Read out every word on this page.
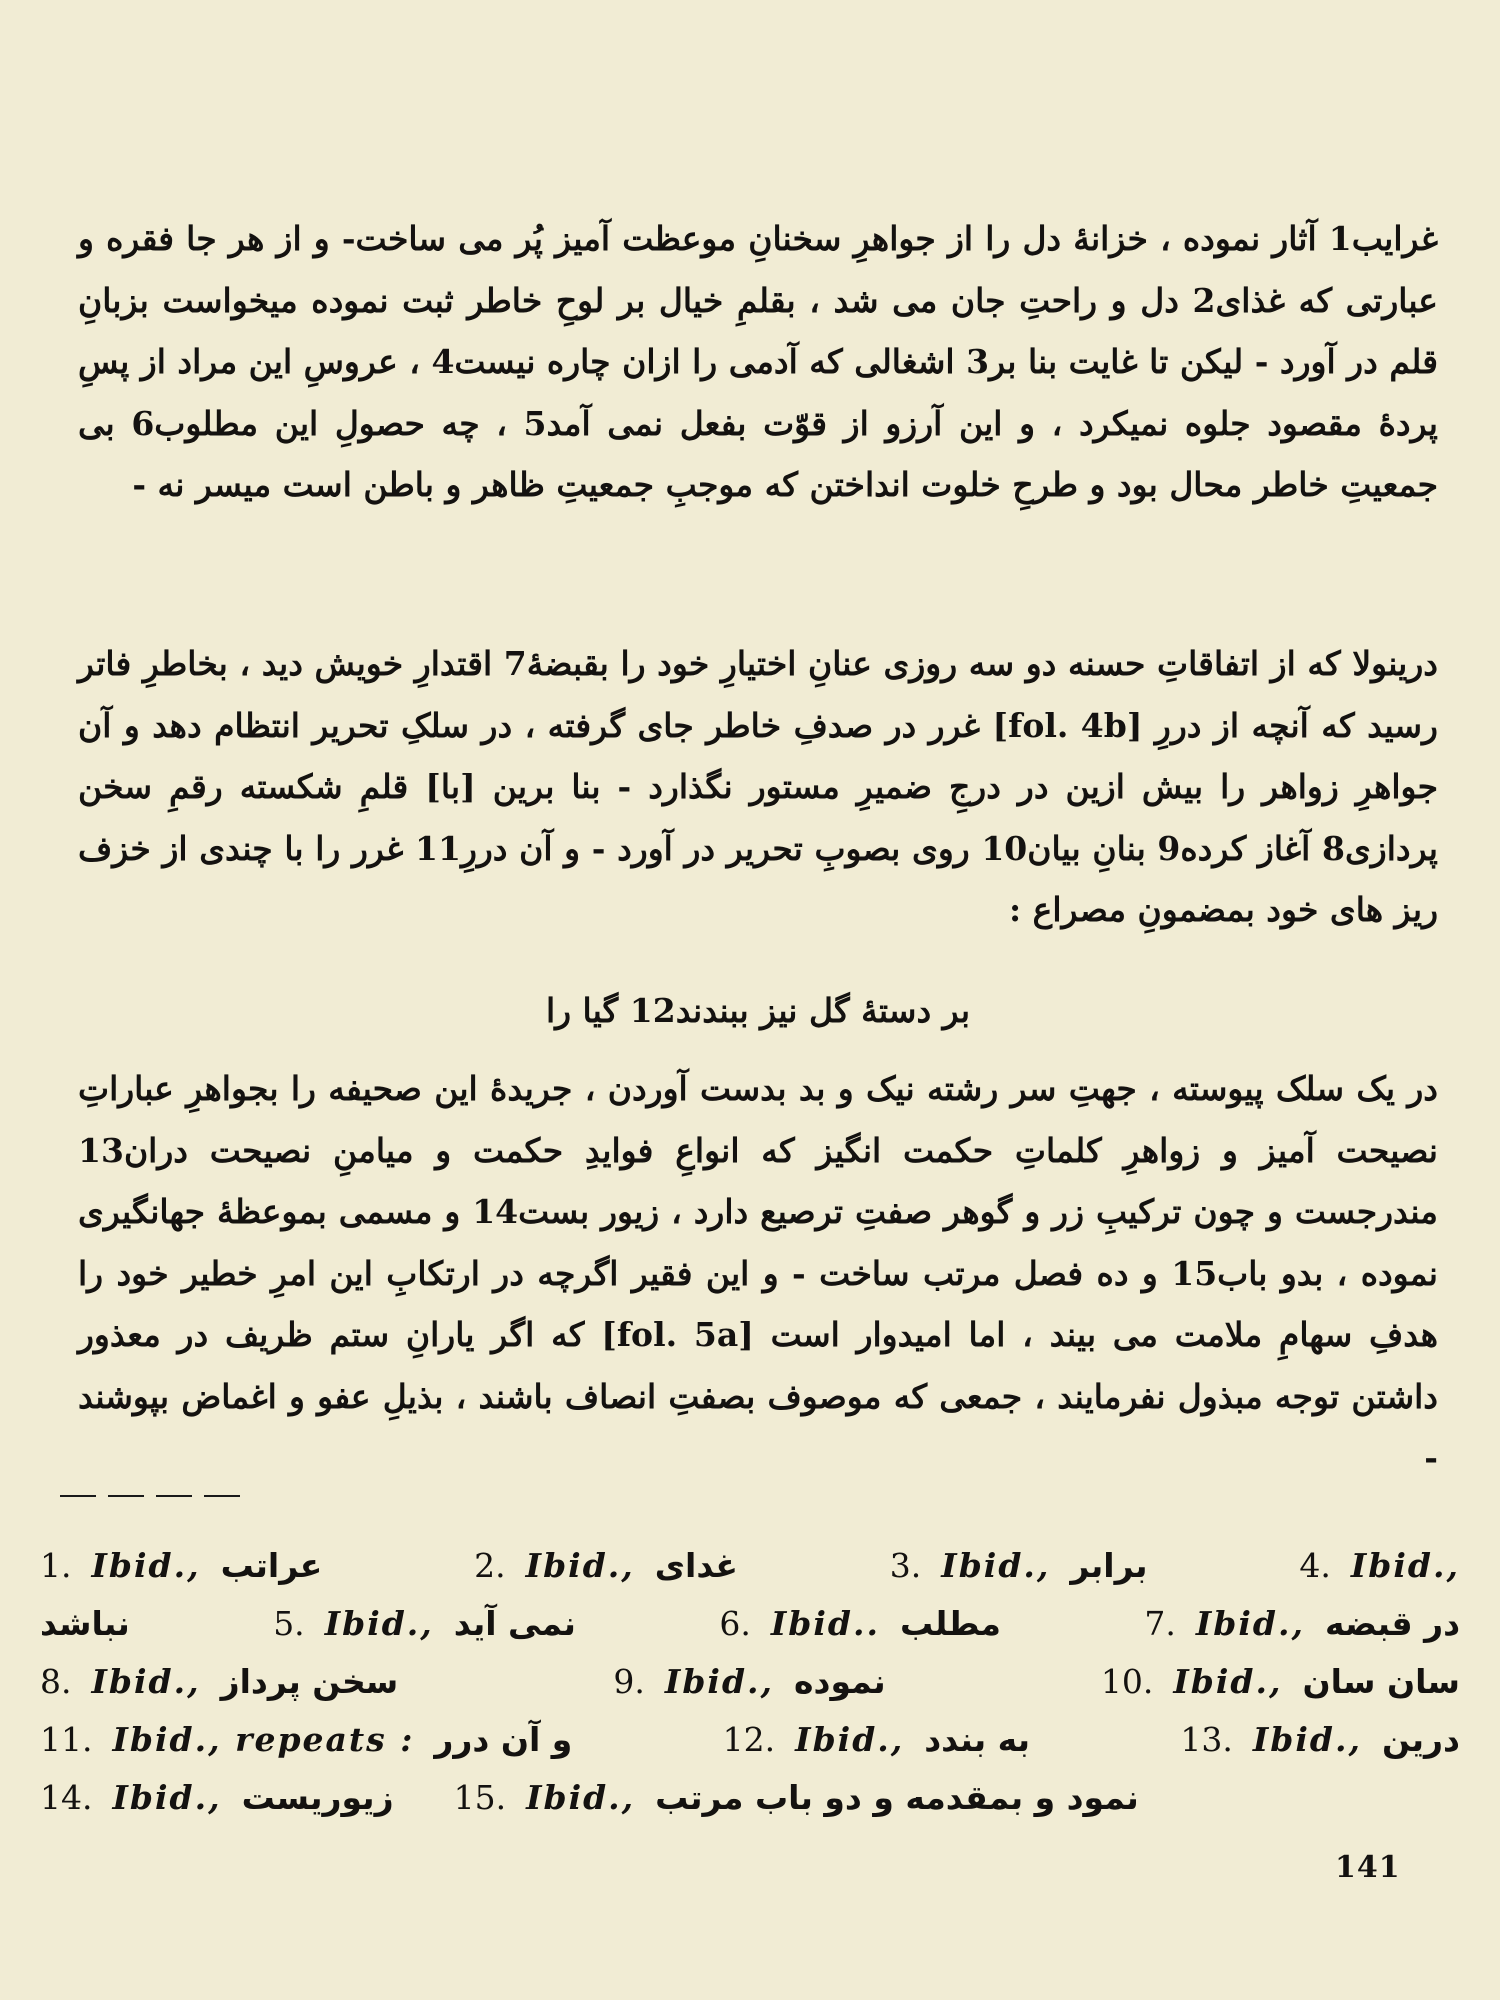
غرایب1 آثار نموده ، خزانهٔ دل را از جواهرِ سخنانِ موعظت آمیز پُر می ساخت- و از هر جا فقره و عبارتی که غذای2 دل و راحتِ جان می شد ، بقلمِ خیال بر لوحِ خاطر ثبت نموده میخواست بزبانِ قلم در آورد - لیکن تا غایت بنا بر3 اشغالی که آدمی را ازان چاره نیست4 ، عروسِ این مراد از پسِ پردهٔ مقصود جلوه نمیکرد ، و این آرزو از قوّت بفعل نمی آمد5 ، چه حصولِ این مطلوب6 بی جمعیتِ خاطر محال بود و طرحِ خلوت انداختن که موجبِ جمعیتِ ظاهر و باطن است میسر نه -

درینولا که از اتفاقاتِ حسنه دو سه روزی عنانِ اختیارِ خود را بقبضهٔ7 اقتدارِ خویش دید ، بخاطرِ فاتر رسید که آنچه از دررِ [fol. 4b] غرر در صدفِ خاطر جای گرفته ، در سلکِ تحریر انتظام دهد و آن جواهرِ زواهر را بیش ازین در درجِ ضمیرِ مستور نگذارد - بنا برین [با] قلمِ شکسته رقمِ سخن پردازی8 آغاز کرده9 بنانِ بیان10 روی بصوبِ تحریر در آورد - و آن دررِ11 غرر را با چندی از خزف ریز های خود بمضمونِ مصراع :

بر دستهٔ گل نیز ببندند12 گیا را

در یک سلک پیوسته ، جهتِ سر رشته نیک و بد بدست آوردن ، جریدهٔ این صحیفه را بجواهرِ عباراتِ نصیحت آمیز و زواهرِ کلماتِ حکمت انگیز که انواعِ فوایدِ حکمت و میامنِ نصیحت دران13 مندرجست و چون ترکیبِ زر و گوهر صفتِ ترصیع دارد ، زیور بست14 و مسمی بموعظهٔ جهانگیری نموده ، بدو باب15 و ده فصل مرتب ساخت - و این فقیر اگرچه در ارتکابِ این امرِ خطیر خود را هدفِ سهامِ ملامت می بیند ، اما امیدوار است [fol. 5a] که اگر یارانِ ستم ظریف در معذور داشتن توجه مبذول نفرمایند ، جمعی که موصوف بصفتِ انصاف باشند ، بذیلِ عفو و اغماض بپوشند -

1. Ibid., عراتب	2. Ibid., غدای	3. Ibid., برابر	4. Ibid.,
نباشد	5. Ibid., نمی آید	6. Ibid.. مطلب	7. Ibid., در قبضه
8. Ibid., سخن پرداز	9. Ibid., نموده	10. Ibid., سان سان
11. Ibid., repeats : و آن درر	12. Ibid., به بندد	13. Ibid., درین
14. Ibid., زیوریست 15. Ibid., نمود و بمقدمه و دو باب مرتب
141
